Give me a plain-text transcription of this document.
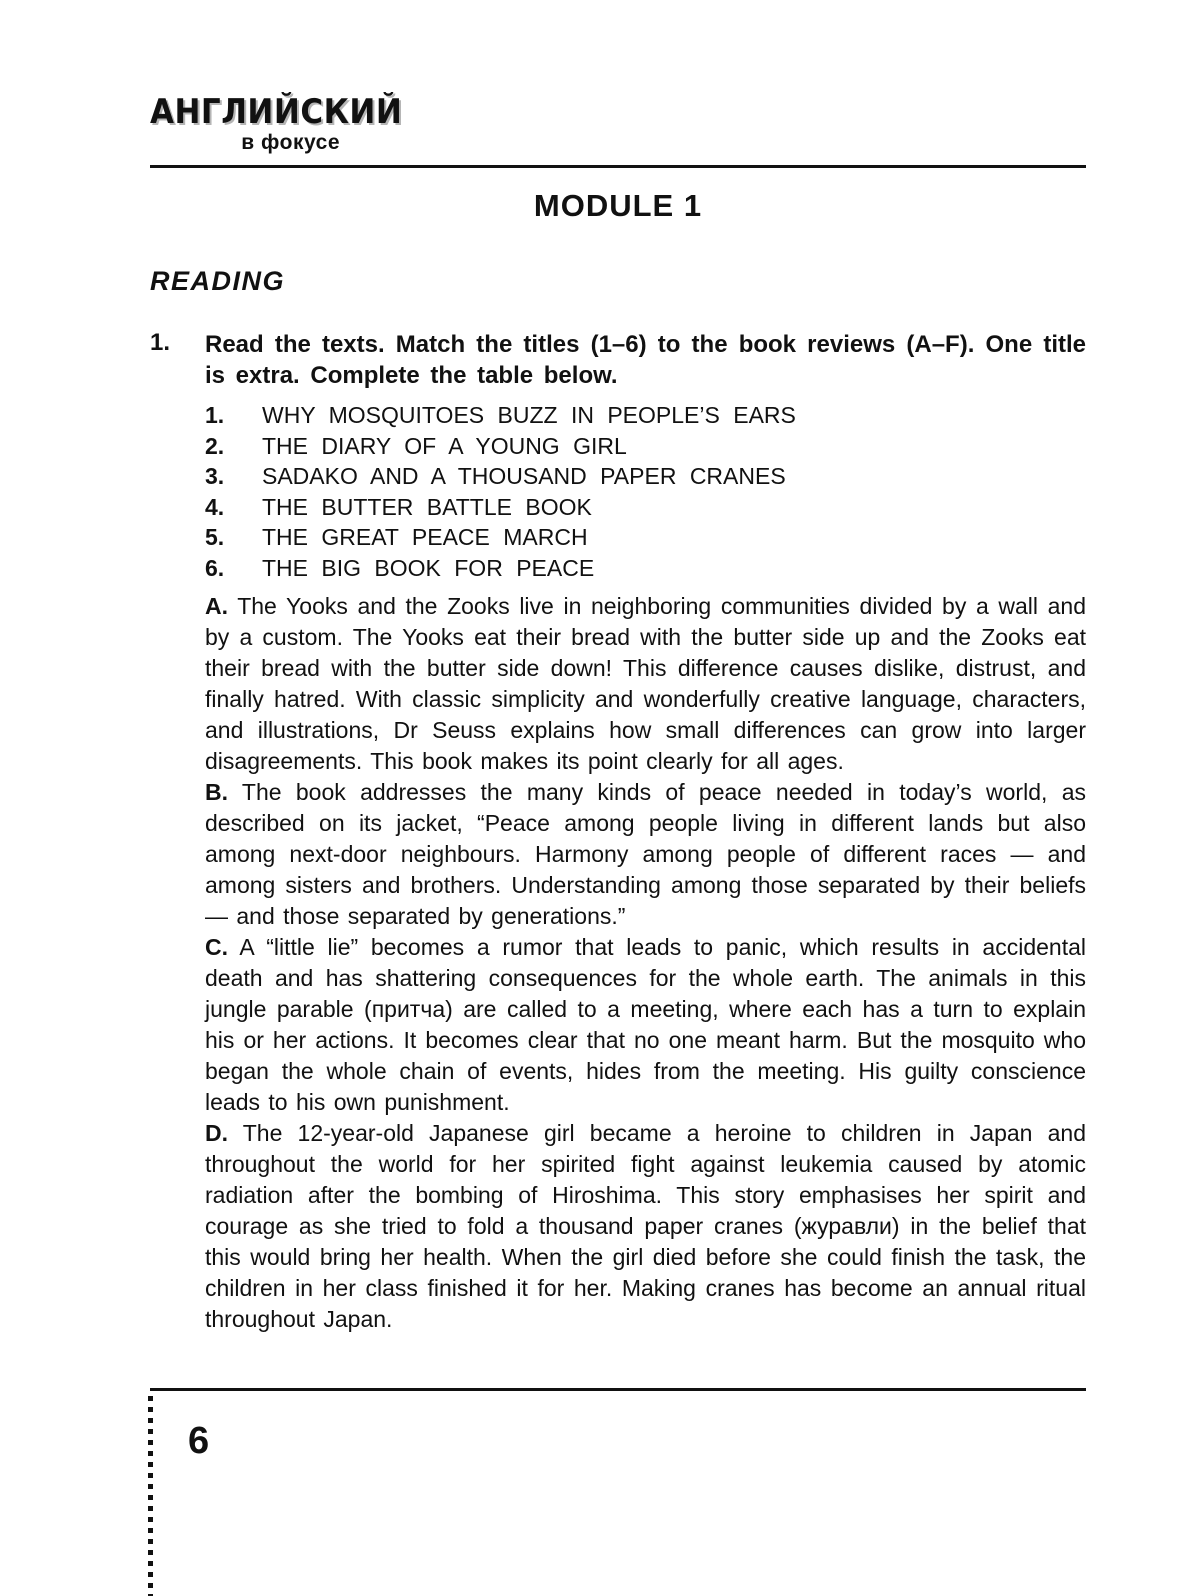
АНГЛИЙСКИЙ
в фокусе
MODULE 1
READING
1.	Read the texts. Match the titles (1–6) to the book reviews (A–F). One title is extra. Complete the table below.

1.	WHY MOSQUITOES BUZZ IN PEOPLE’S EARS
2.	THE DIARY OF A YOUNG GIRL
3.	SADAKO AND A THOUSAND PAPER CRANES
4.	THE BUTTER BATTLE BOOK
5.	THE GREAT PEACE MARCH
6.	THE BIG BOOK FOR PEACE

A. The Yooks and the Zooks live in neighboring communities divided by a wall and by a custom. The Yooks eat their bread with the butter side up and the Zooks eat their bread with the butter side down! This difference causes dislike, distrust, and finally hatred. With classic simplicity and wonderfully creative language, characters, and illustrations, Dr Seuss explains how small differences can grow into larger disagreements. This book makes its point clearly for all ages.

B. The book addresses the many kinds of peace needed in today’s world, as described on its jacket, “Peace among people living in different lands but also among next-door neighbours. Harmony among people of different races — and among sisters and brothers. Understanding among those separated by their beliefs — and those separated by generations.”

C. A “little lie” becomes a rumor that leads to panic, which results in accidental death and has shattering consequences for the whole earth. The animals in this jungle parable (притча) are called to a meeting, where each has a turn to explain his or her actions. It becomes clear that no one meant harm. But the mosquito who began the whole chain of events, hides from the meeting. His guilty conscience leads to his own punishment.

D. The 12-year-old Japanese girl became a heroine to children in Japan and throughout the world for her spirited fight against leukemia caused by atomic radiation after the bombing of Hiroshima. This story emphasises her spirit and courage as she tried to fold a thousand paper cranes (журавли) in the belief that this would bring her health. When the girl died before she could finish the task, the children in her class finished it for her. Making cranes has become an annual ritual throughout Japan.

6
